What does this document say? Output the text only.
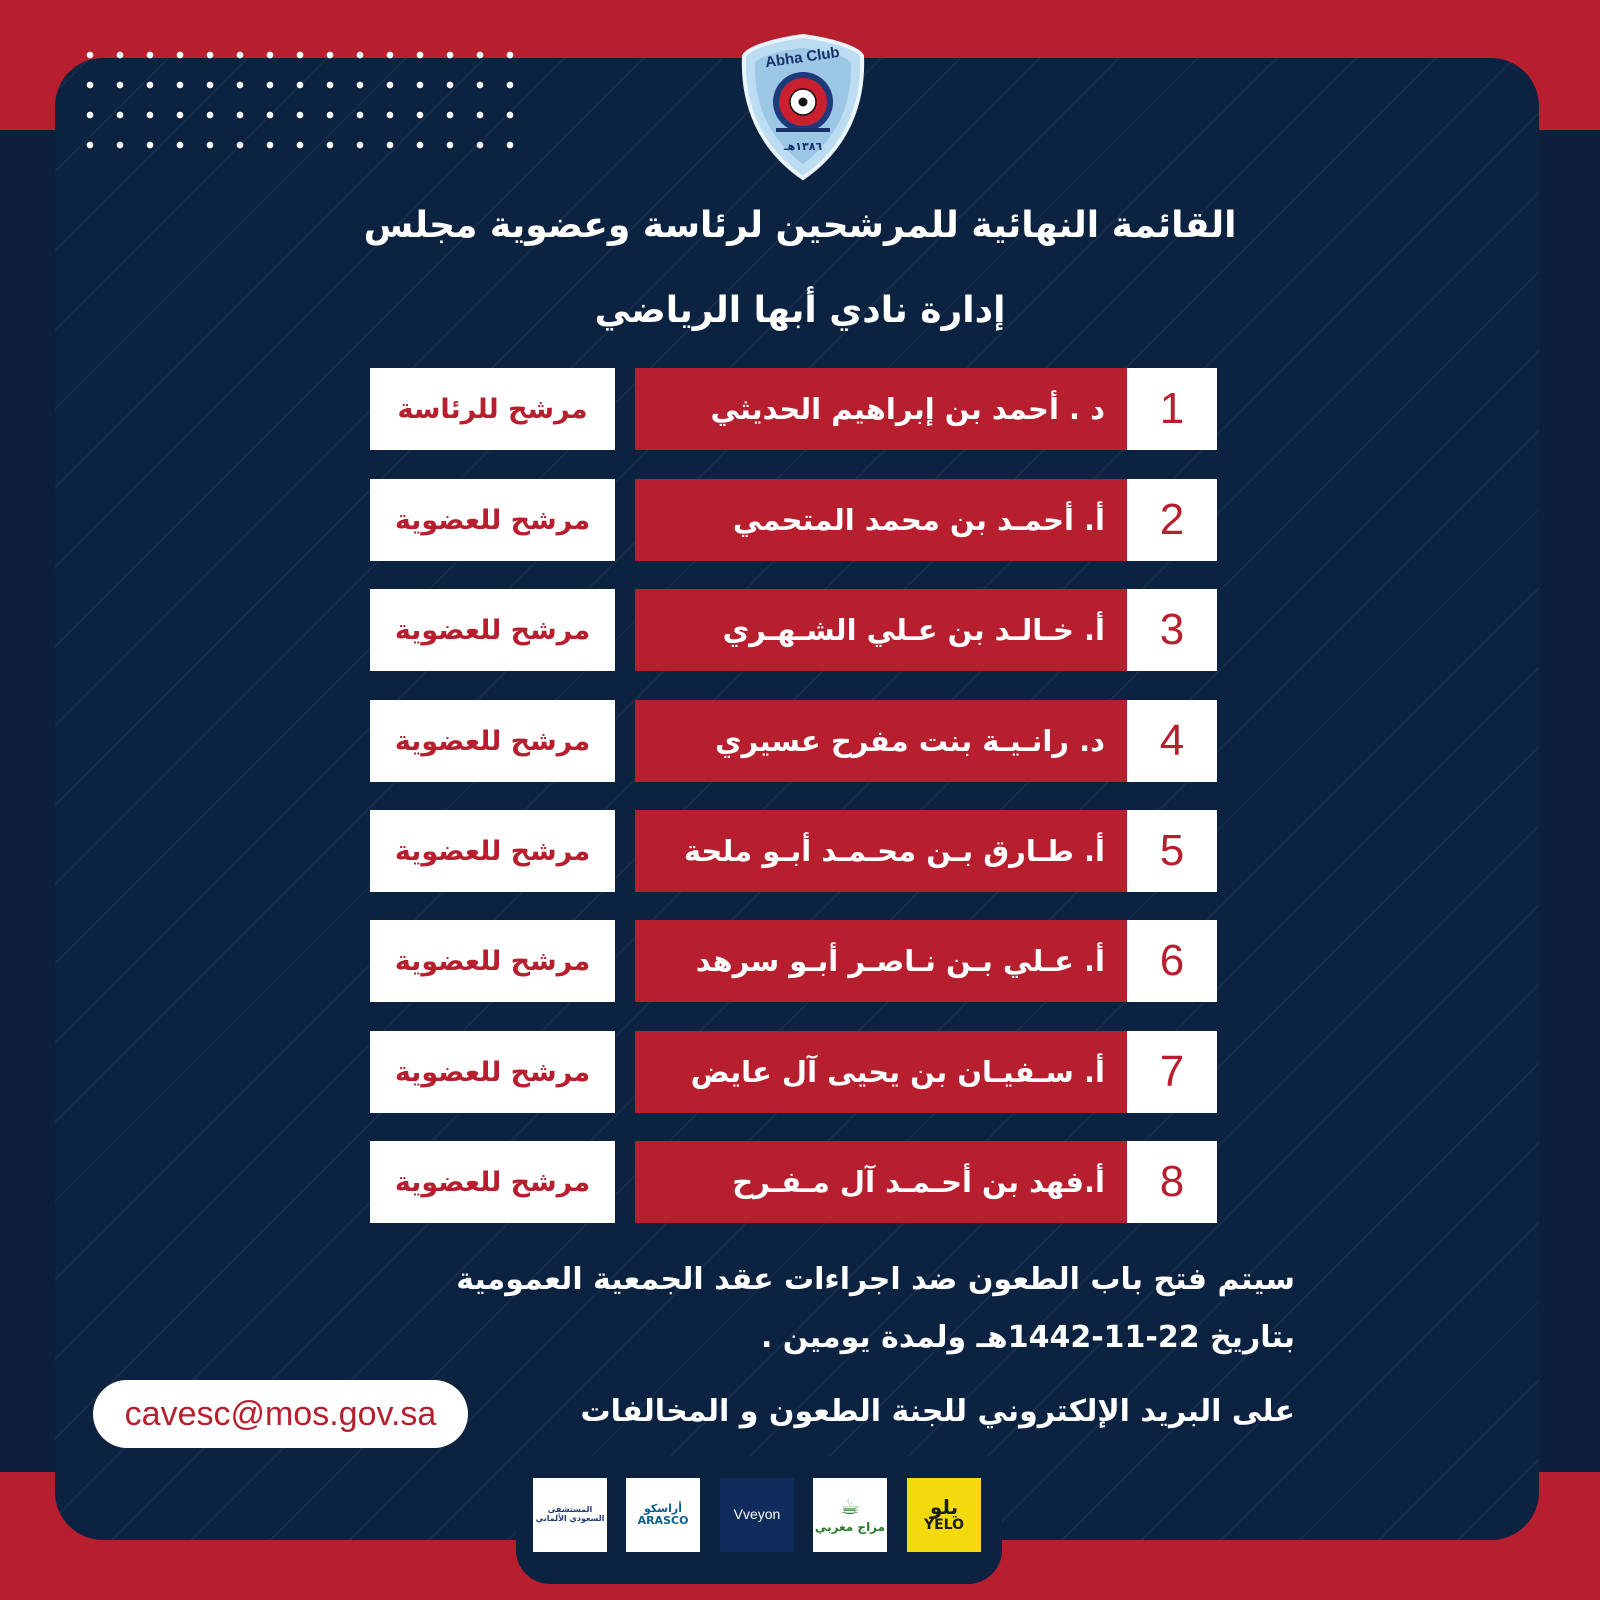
Abha Club
١٣٨٦هـ
القائمة النهائية للمرشحين لرئاسة وعضوية مجلس
إدارة نادي أبها الرياضي
1
د . أحمد بن إبراهيم الحديثي
مرشح للرئاسة
2
أ. أحمـد بن محمد المتحمي
مرشح للعضوية
3
أ. خـالـد بن عـلي الشـهـري
مرشح للعضوية
4
د. رانـيـة بنت مفرح عسيري
مرشح للعضوية
5
أ. طـارق بـن محـمـد أبـو ملحة
مرشح للعضوية
6
أ. عـلي بـن نـاصـر أبـو سرهد
مرشح للعضوية
7
أ. سـفيـان بن يحيى آل عايض
مرشح للعضوية
8
أ.فهد بن أحـمـد آل مـفـرح
مرشح للعضوية
سيتم فتح باب الطعون ضد اجراءات عقد الجمعية العمومية
بتاريخ 22-11-1442هـ ولمدة يومين .
على البريد الإلكتروني للجنة الطعون و المخالفات
cavesc@mos.gov.sa
المستشفى السعودي الألماني
أراسكو
ARASCO	Vveyon	☕
مزاج مغربي
يلو
YELO
